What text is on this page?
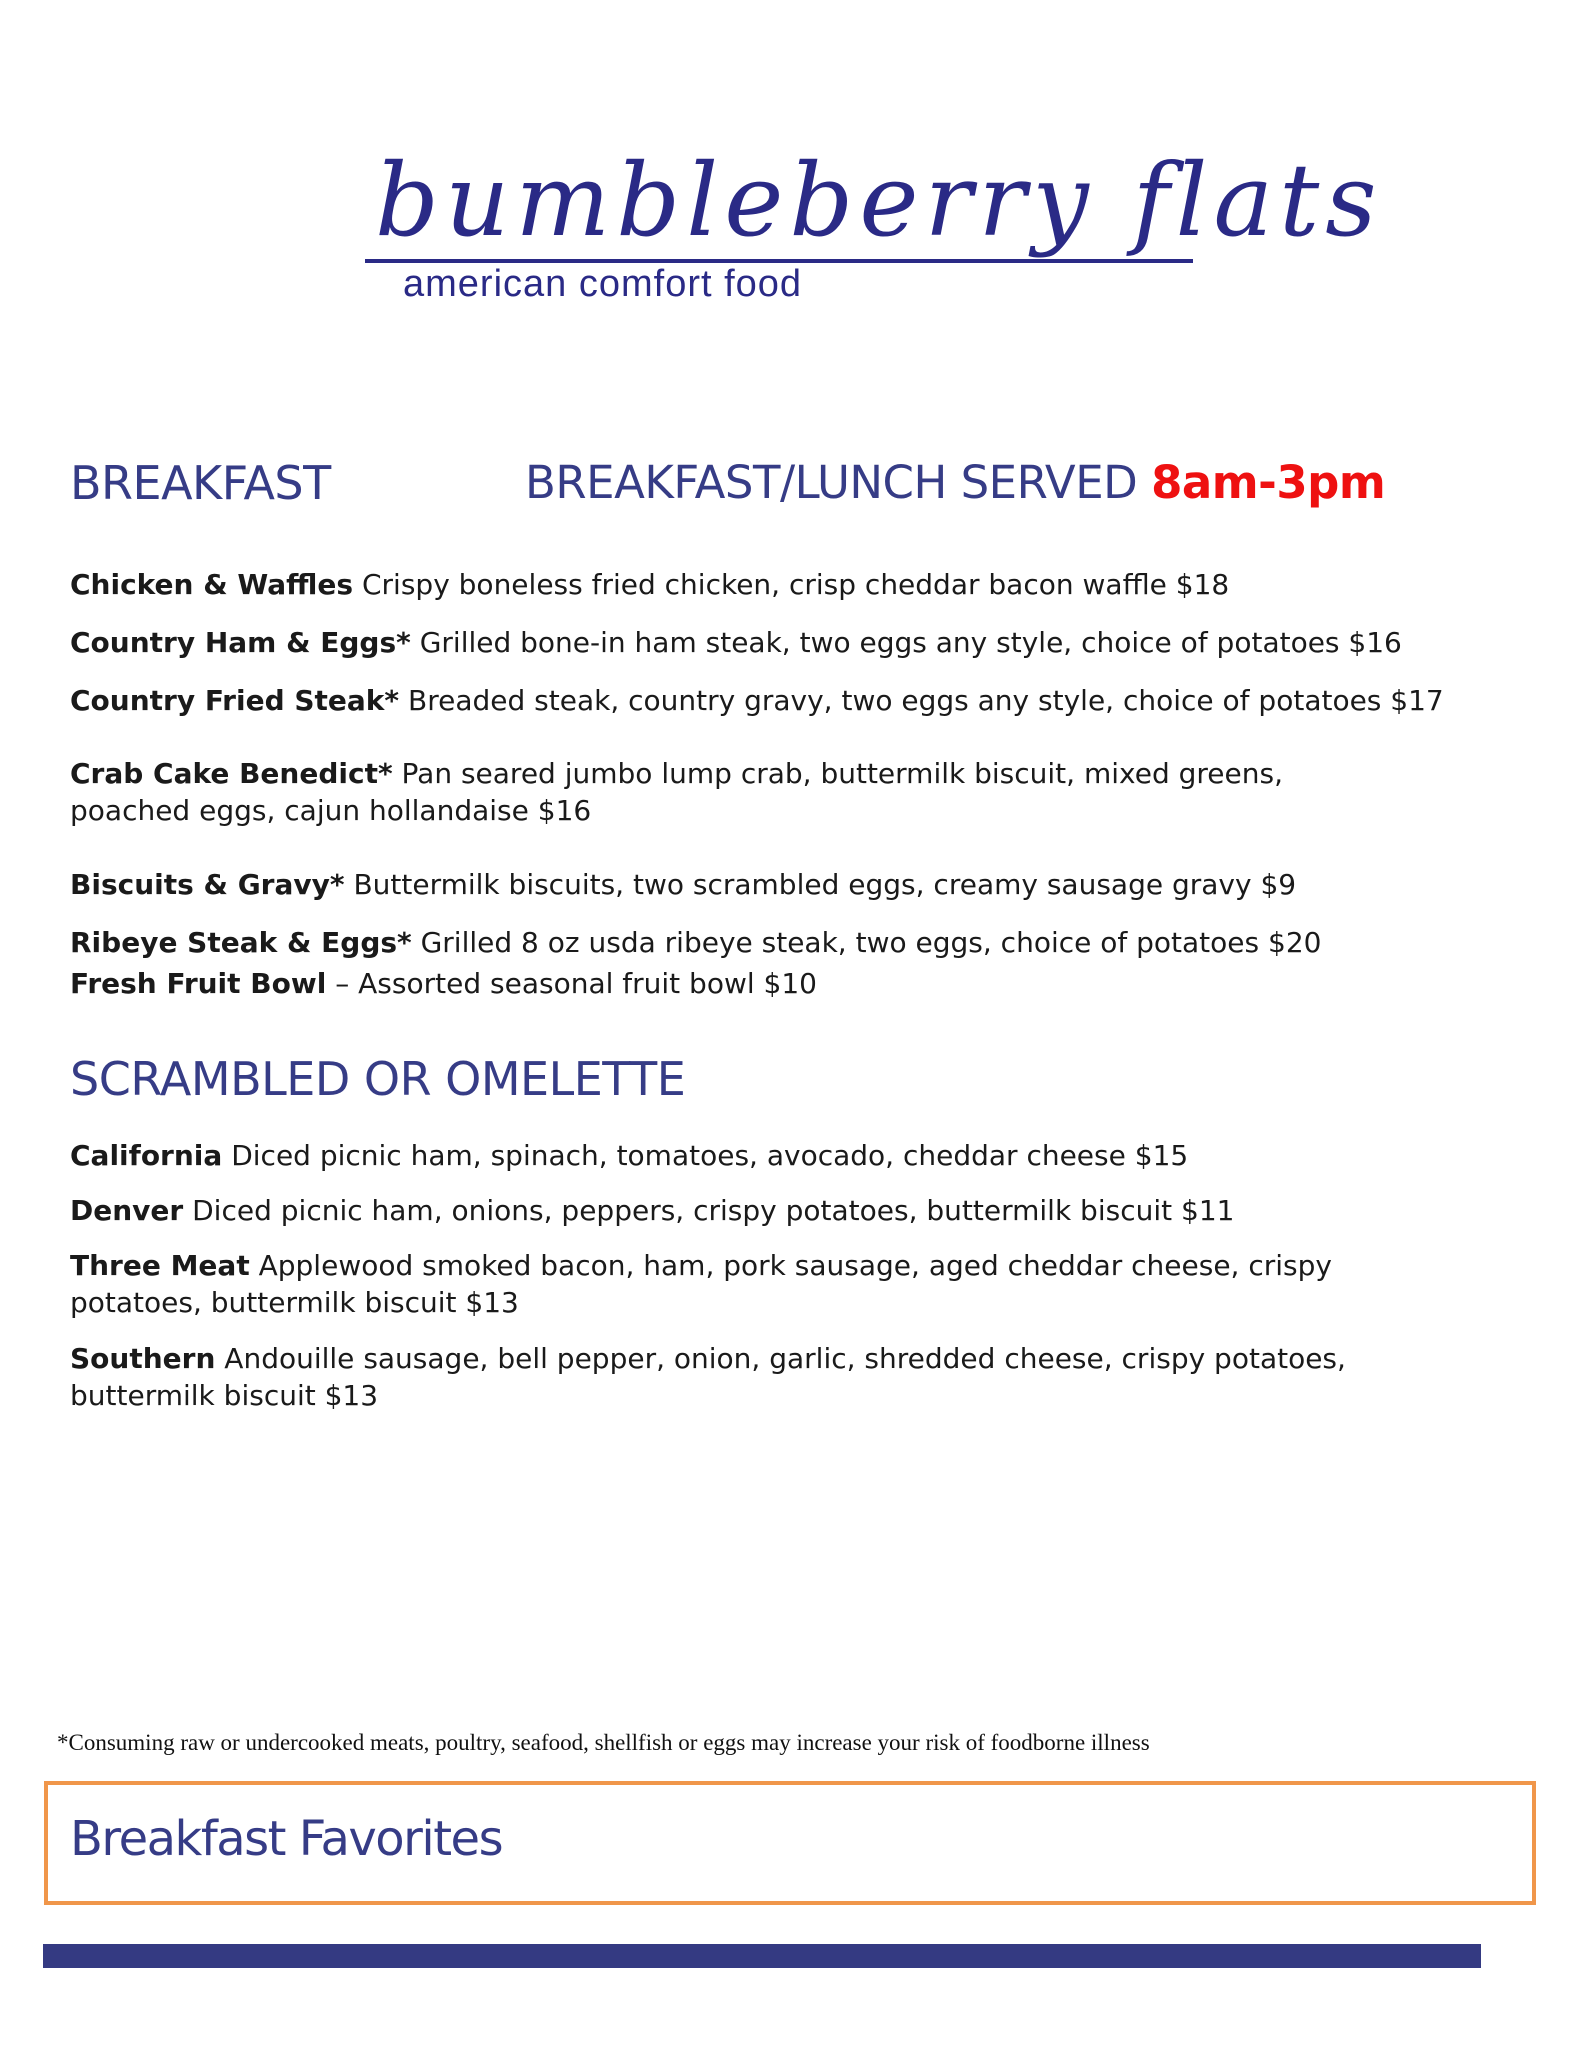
bumbleberry flats
american comfort food
BREAKFAST	BREAKFAST/LUNCH SERVED 8am-3pm

Chicken & Waffles Crispy boneless fried chicken, crisp cheddar bacon waffle $18

Country Ham & Eggs* Grilled bone-in ham steak, two eggs any style, choice of potatoes $16

Country Fried Steak* Breaded steak, country gravy, two eggs any style, choice of potatoes $17

Crab Cake Benedict* Pan seared jumbo lump crab, buttermilk biscuit, mixed greens, poached eggs, cajun hollandaise $16

Biscuits & Gravy* Buttermilk biscuits, two scrambled eggs, creamy sausage gravy $9

Ribeye Steak & Eggs* Grilled 8 oz usda ribeye steak, two eggs, choice of potatoes $20

Fresh Fruit Bowl – Assorted seasonal fruit bowl $10

SCRAMBLED OR OMELETTE

California Diced picnic ham, spinach, tomatoes, avocado, cheddar cheese $15

Denver Diced picnic ham, onions, peppers, crispy potatoes, buttermilk biscuit $11

Three Meat Applewood smoked bacon, ham, pork sausage, aged cheddar cheese, crispy potatoes, buttermilk biscuit $13

Southern Andouille sausage, bell pepper, onion, garlic, shredded cheese, crispy potatoes, buttermilk biscuit $13

*Consuming raw or undercooked meats, poultry, seafood, shellfish or eggs may increase your risk of foodborne illness
Breakfast Favorites
